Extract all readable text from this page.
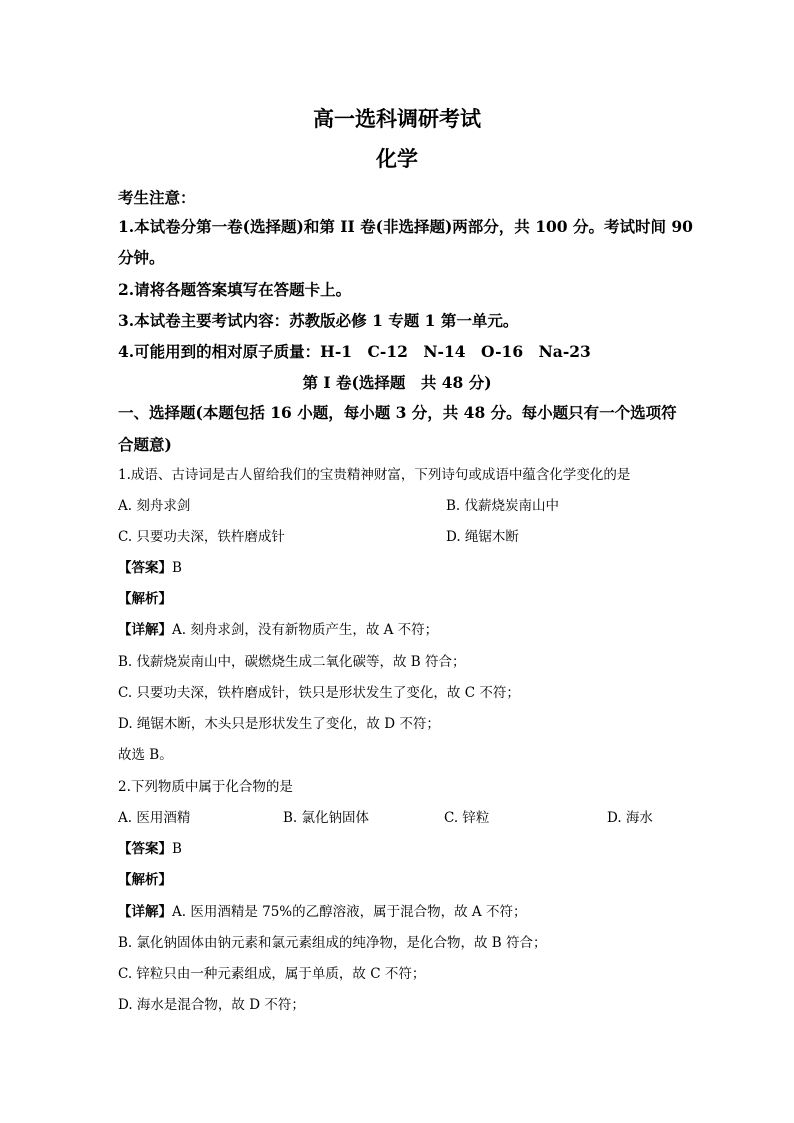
高一选科调研考试
化学
考生注意：
1.本试卷分第一卷(选择题)和第 II 卷(非选择题)两部分，共 100 分。考试时间 90
分钟。
2.请将各题答案填写在答题卡上。
3.本试卷主要考试内容：苏教版必修 1 专题 1 第一单元。
4.可能用到的相对原子质量：H-1　C-12　N-14　O-16　Na-23
第 I 卷(选择题　共 48 分)
一、选择题(本题包括 16 小题，每小题 3 分，共 48 分。每小题只有一个选项符
合题意)
1.成语、古诗词是古人留给我们的宝贵精神财富，下列诗句或成语中蕴含化学变化的是
A. 刻舟求剑	B. 伐薪烧炭南山中
C. 只要功夫深，铁杵磨成针	D. 绳锯木断
【答案】B
【解析】
【详解】A. 刻舟求剑，没有新物质产生，故 A 不符；
B. 伐薪烧炭南山中，碳燃烧生成二氧化碳等，故 B 符合；
C. 只要功夫深，铁杵磨成针，铁只是形状发生了变化，故 C 不符；
D. 绳锯木断，木头只是形状发生了变化，故 D 不符；
故选 B。
2.下列物质中属于化合物的是
A. 医用酒精	B. 氯化钠固体	C. 锌粒	D. 海水
【答案】B
【解析】
【详解】A. 医用酒精是 75%的乙醇溶液，属于混合物，故 A 不符；
B. 氯化钠固体由钠元素和氯元素组成的纯净物，是化合物，故 B 符合；
C. 锌粒只由一种元素组成，属于单质，故 C 不符；
D. 海水是混合物，故 D 不符；
